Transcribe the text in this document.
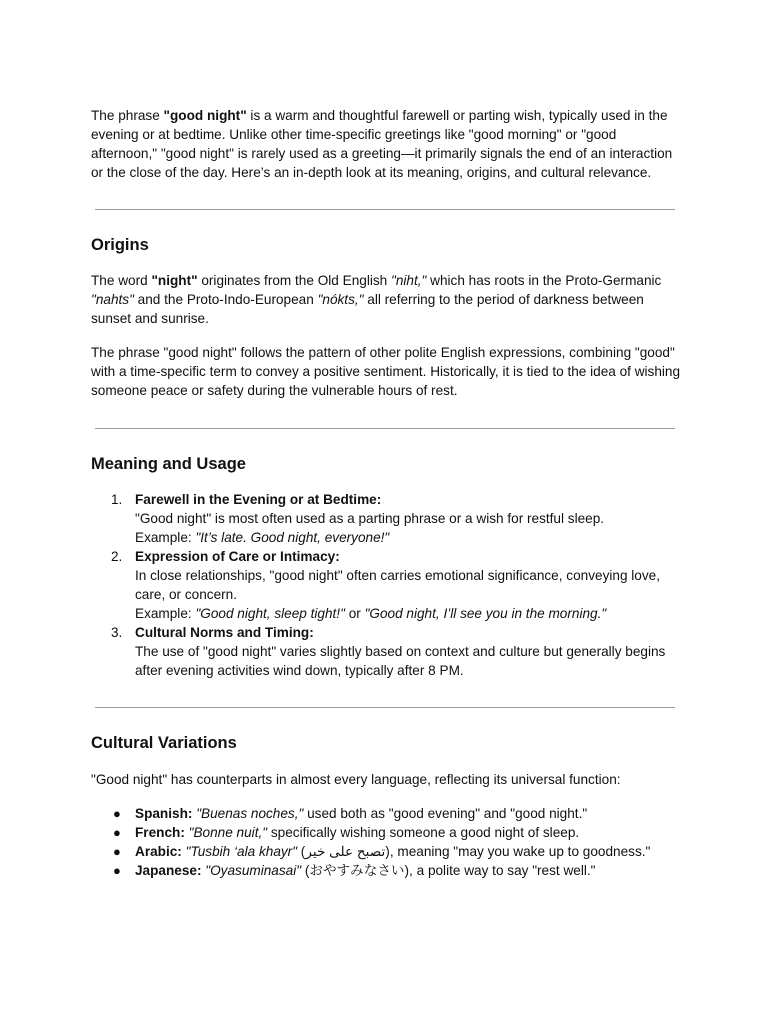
The phrase "good night" is a warm and thoughtful farewell or parting wish, typically used in the evening or at bedtime. Unlike other time-specific greetings like "good morning" or "good afternoon," "good night" is rarely used as a greeting—it primarily signals the end of an interaction or the close of the day. Here’s an in-depth look at its meaning, origins, and cultural relevance.

Origins

The word "night" originates from the Old English "niht," which has roots in the Proto-Germanic "nahts" and the Proto-Indo-European "nókts," all referring to the period of darkness between sunset and sunrise.

The phrase "good night" follows the pattern of other polite English expressions, combining "good" with a time-specific term to convey a positive sentiment. Historically, it is tied to the idea of wishing someone peace or safety during the vulnerable hours of rest.

Meaning and Usage
1. Farewell in the Evening or at Bedtime:
"Good night" is most often used as a parting phrase or a wish for restful sleep.
Example: "It’s late. Good night, everyone!"
2. Expression of Care or Intimacy:
In close relationships, "good night" often carries emotional significance, conveying love, care, or concern.
Example: "Good night, sleep tight!" or "Good night, I’ll see you in the morning."
3. Cultural Norms and Timing:
The use of "good night" varies slightly based on context and culture but generally begins after evening activities wind down, typically after 8 PM.
Cultural Variations

"Good night" has counterparts in almost every language, reflecting its universal function:

● Spanish: "Buenas noches," used both as "good evening" and "good night."
● French: "Bonne nuit," specifically wishing someone a good night of sleep.
● Arabic: "Tusbih ‘ala khayr" (تصبح على خير), meaning "may you wake up to goodness."
● Japanese: "Oyasuminasai" (おやすみなさい), a polite way to say "rest well."
